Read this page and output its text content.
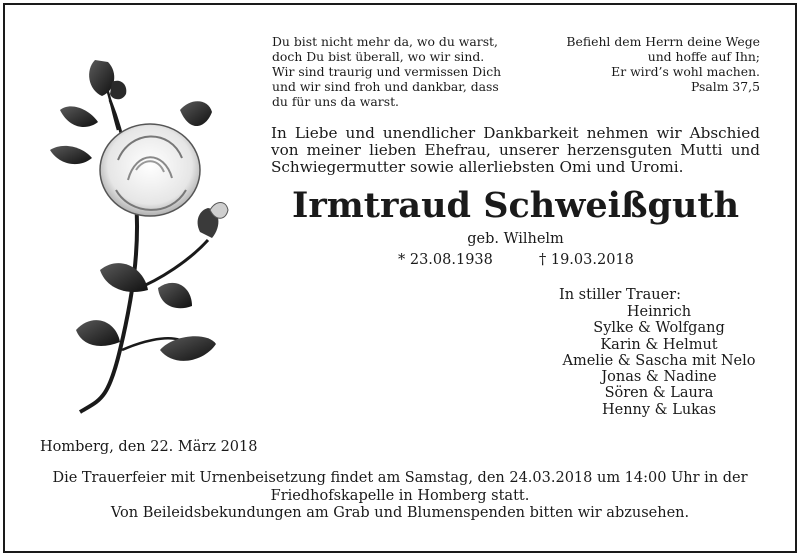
Du bist nicht mehr da, wo du warst,
doch Du bist überall, wo wir sind.
Wir sind traurig und vermissen Dich
und wir sind froh und dankbar, dass
du für uns da warst.
Befiehl dem Herrn deine Wege
und hoffe auf Ihn;
Er wird’s wohl machen.
Psalm 37,5
In Liebe und unendlicher Dankbarkeit nehmen wir Abschied von meiner lieben Ehefrau, unserer herzensguten Mutti und Schwiegermutter sowie allerliebsten Omi und Uromi.
Irmtraud Schweißguth
geb. Wilhelm
* 23.08.1938	† 19.03.2018
In stiller Trauer:
Heinrich
Sylke & Wolfgang
Karin & Helmut
Amelie & Sascha mit Nelo
Jonas & Nadine
Sören & Laura
Henny & Lukas
Homberg, den 22. März 2018
Die Trauerfeier mit Urnenbeisetzung findet am Samstag, den 24.03.2018 um 14:00 Uhr in der
Friedhofskapelle in Homberg statt.
Von Beileidsbekundungen am Grab und Blumenspenden bitten wir abzusehen.
